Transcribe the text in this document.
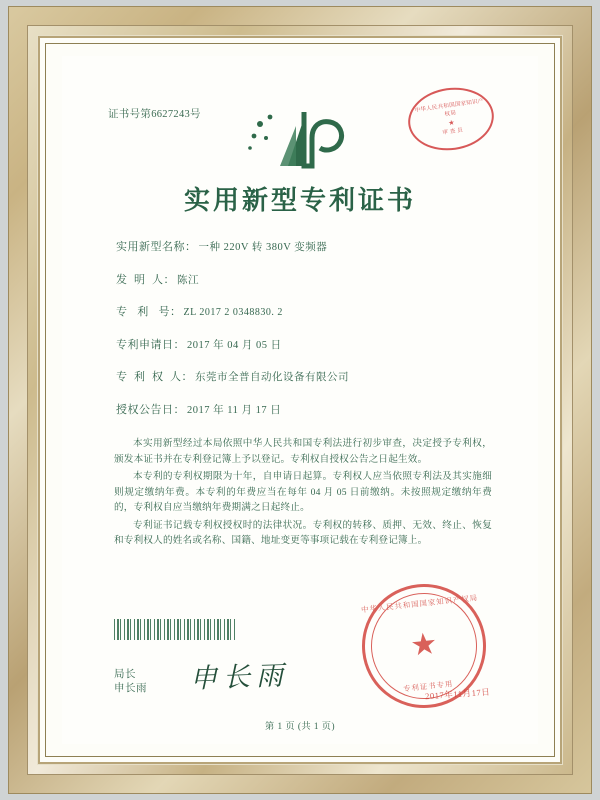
证书号第6627243号
中华人民共和国国家知识产权局
★
审 查 员
实用新型专利证书
实用新型名称： 一种 220V 转 380V 变频器
发  明  人： 陈江
专   利   号： ZL 2017 2 0348830. 2
专利申请日： 2017 年 04 月 05 日
专  利  权  人： 东莞市全普自动化设备有限公司
授权公告日： 2017 年 11 月 17 日

本实用新型经过本局依照中华人民共和国专利法进行初步审查，决定授予专利权，颁发本证书并在专利登记簿上予以登记。专利权自授权公告之日起生效。

本专利的专利权期限为十年，自申请日起算。专利权人应当依照专利法及其实施细则规定缴纳年费。本专利的年费应当在每年 04 月 05 日前缴纳。未按照规定缴纳年费的，专利权自应当缴纳年费期满之日起终止。

专利证书记载专利权授权时的法律状况。专利权的转移、质押、无效、终止、恢复和专利权人的姓名或名称、国籍、地址变更等事项记载在专利登记簿上。

局长
申长雨 申长雨
中华人民共和国国家知识产权局
★
专利证书专用
2017年11月17日
第 1 页 (共 1 页)
